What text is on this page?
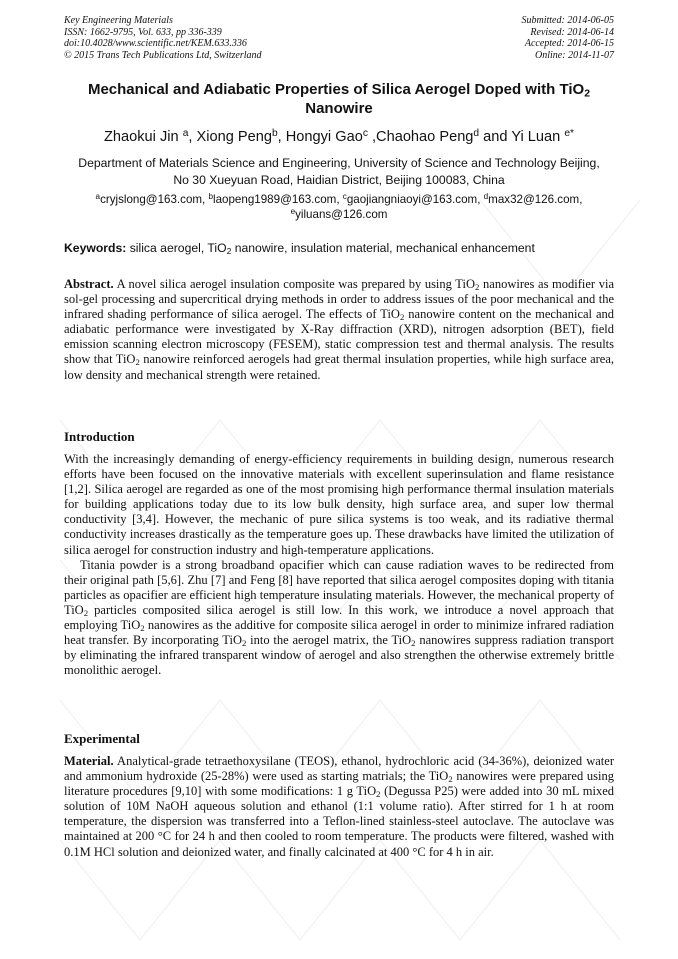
Key Engineering Materials
ISSN: 1662-9795, Vol. 633, pp 336-339
doi:10.4028/www.scientific.net/KEM.633.336
© 2015 Trans Tech Publications Ltd, Switzerland
Submitted: 2014-06-05
Revised: 2014-06-14
Accepted: 2014-06-15
Online: 2014-11-07
Mechanical and Adiabatic Properties of Silica Aerogel Doped with TiO$_2$
Nanowire
Zhaokui Jin $^a$, Xiong Peng$^b$, Hongyi Gao$^c$ ,Chaohao Peng$^d$ and Yi Luan $^{e*}$
Department of Materials Science and Engineering, University of Science and Technology Beijing,
No 30 Xueyuan Road, Haidian District, Beijing 100083, China
$^a$cryjslong@163.com, $^b$laopeng1989@163.com, $^c$gaojiangniaoyi@163.com, $^d$max32@126.com,
$^e$yiluans@126.com
Keywords: silica aerogel, TiO$_2$ nanowire, insulation material, mechanical enhancement

Abstract. A novel silica aerogel insulation composite was prepared by using TiO$_2$ nanowires as modifier via sol-gel processing and supercritical drying methods in order to address issues of the poor mechanical and the infrared shading performance of silica aerogel. The effects of TiO$_2$ nanowire content on the mechanical and adiabatic performance were investigated by X-Ray diffraction (XRD), nitrogen adsorption (BET), field emission scanning electron microscopy (FESEM), static compression test and thermal analysis. The results show that TiO$_2$ nanowire reinforced aerogels had great thermal insulation properties, while high surface area, low density and mechanical strength were retained.

Introduction

With the increasingly demanding of energy-efficiency requirements in building design, numerous research efforts have been focused on the innovative materials with excellent superinsulation and flame resistance [1,2]. Silica aerogel are regarded as one of the most promising high performance thermal insulation materials for building applications today due to its low bulk density, high surface area, and super low thermal conductivity [3,4]. However, the mechanic of pure silica systems is too weak, and its radiative thermal conductivity increases drastically as the temperature goes up. These drawbacks have limited the utilization of silica aerogel for construction industry and high-temperature applications.

Titania powder is a strong broadband opacifier which can cause radiation waves to be redirected from their original path [5,6]. Zhu [7] and Feng [8] have reported that silica aerogel composites doping with titania particles as opacifier are efficient high temperature insulating materials. However, the mechanical property of TiO$_2$ particles composited silica aerogel is still low. In this work, we introduce a novel approach that employing TiO$_2$ nanowires as the additive for composite silica aerogel in order to minimize infrared radiation heat transfer. By incorporating TiO$_2$ into the aerogel matrix, the TiO$_2$ nanowires suppress radiation transport by eliminating the infrared transparent window of aerogel and also strengthen the otherwise extremely brittle monolithic aerogel.

Experimental

Material. Analytical-grade tetraethoxysilane (TEOS), ethanol, hydrochloric acid (34-36%), deionized water and ammonium hydroxide (25-28%) were used as starting matrials; the TiO$_2$ nanowires were prepared using literature procedures [9,10] with some modifications: 1 g TiO$_2$ (Degussa P25) were added into 30 mL mixed solution of 10M NaOH aqueous solution and ethanol (1:1 volume ratio). After stirred for 1 h at room temperature, the dispersion was transferred into a Teflon-lined stainless-steel autoclave. The autoclave was maintained at 200 °C for 24 h and then cooled to room temperature. The products were filtered, washed with 0.1M HCl solution and deionized water, and finally calcinated at 400 °C for 4 h in air.
